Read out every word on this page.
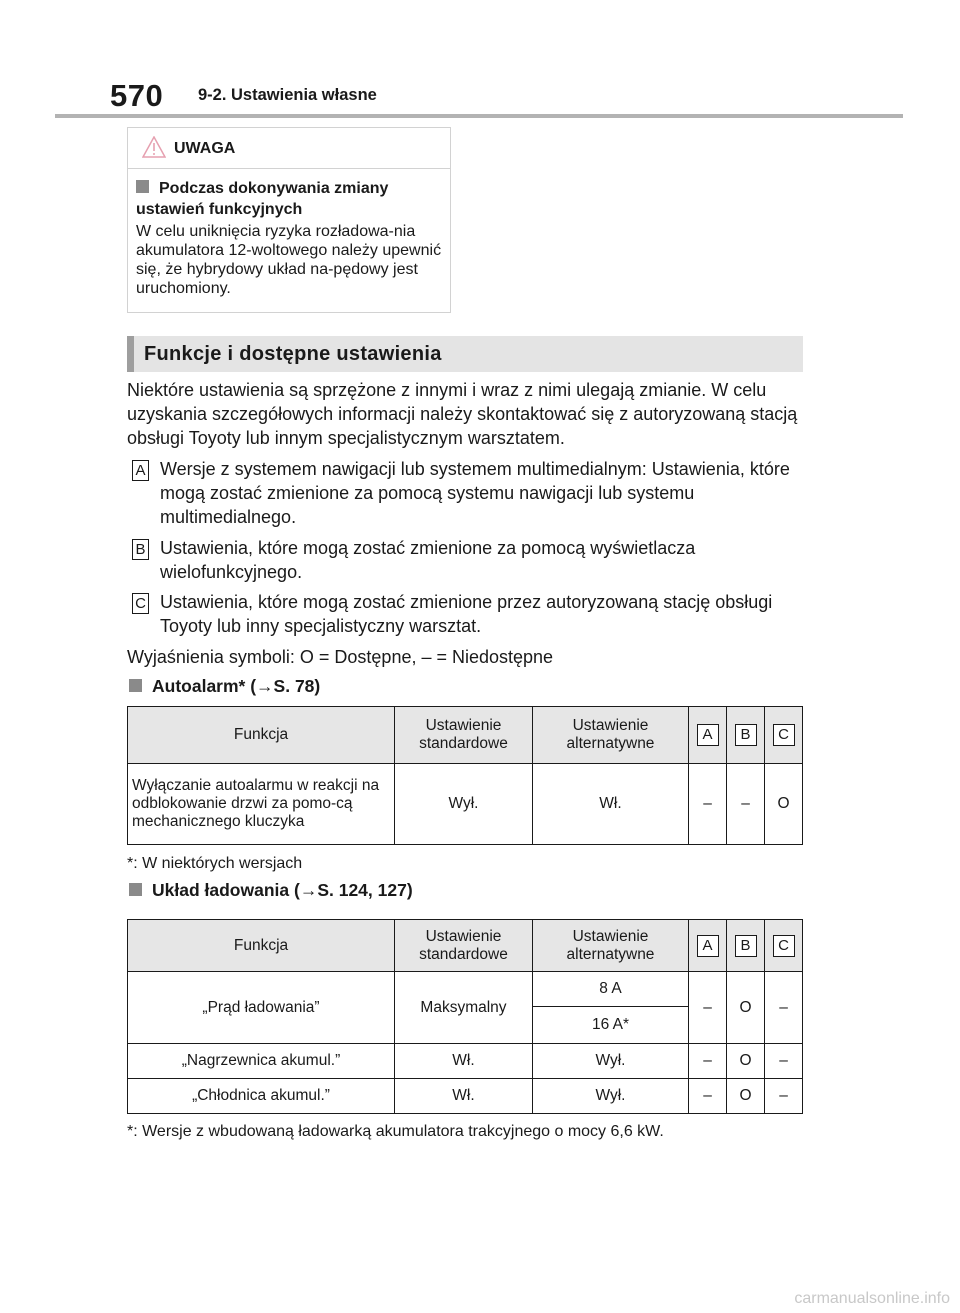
570 9-2. Ustawienia własne
UWAGA
Podczas dokonywania zmiany ustawień funkcyjnych
W celu uniknięcia ryzyka rozładowa-nia akumulatora 12-woltowego należy upewnić się, że hybrydowy układ na-pędowy jest uruchomiony.
Funkcje i dostępne ustawienia
Niektóre ustawienia są sprzężone z innymi i wraz z nimi ulegają zmianie. W celu uzyskania szczegółowych informacji należy skontaktować się z autoryzowaną stacją obsługi Toyoty lub innym specjalistycznym warsztatem.
A Wersje z systemem nawigacji lub systemem multimedialnym: Ustawienia, które mogą zostać zmienione za pomocą systemu nawigacji lub systemu multimedialnego.
B Ustawienia, które mogą zostać zmienione za pomocą wyświetlacza wielofunkcyjnego.
C Ustawienia, które mogą zostać zmienione przez autoryzowaną stację obsługi Toyoty lub inny specjalistyczny warsztat.
Wyjaśnienia symboli: O = Dostępne, – = Niedostępne
Autoalarm* (→S. 78)
Funkcja	Ustawienie standardowe	Ustawienie alternatywne	A	B	C
Wyłączanie autoalarmu w reakcji na odblokowanie drzwi za pomo-cą mechanicznego kluczyka	Wył.	Wł.	–	–	O
*: W niektórych wersjach
Układ ładowania (→S. 124, 127)
Funkcja	Ustawienie standardowe	Ustawienie alternatywne	A	B	C
„Prąd ładowania”	Maksymalny	8 A	–	O	–
		16 A*			
„Nagrzewnica akumul.”	Wł.	Wył.	–	O	–
„Chłodnica akumul.”	Wł.	Wył.	–	O	–
*: Wersje z wbudowaną ładowarką akumulatora trakcyjnego o mocy 6,6 kW.
carmanualsonline.info
